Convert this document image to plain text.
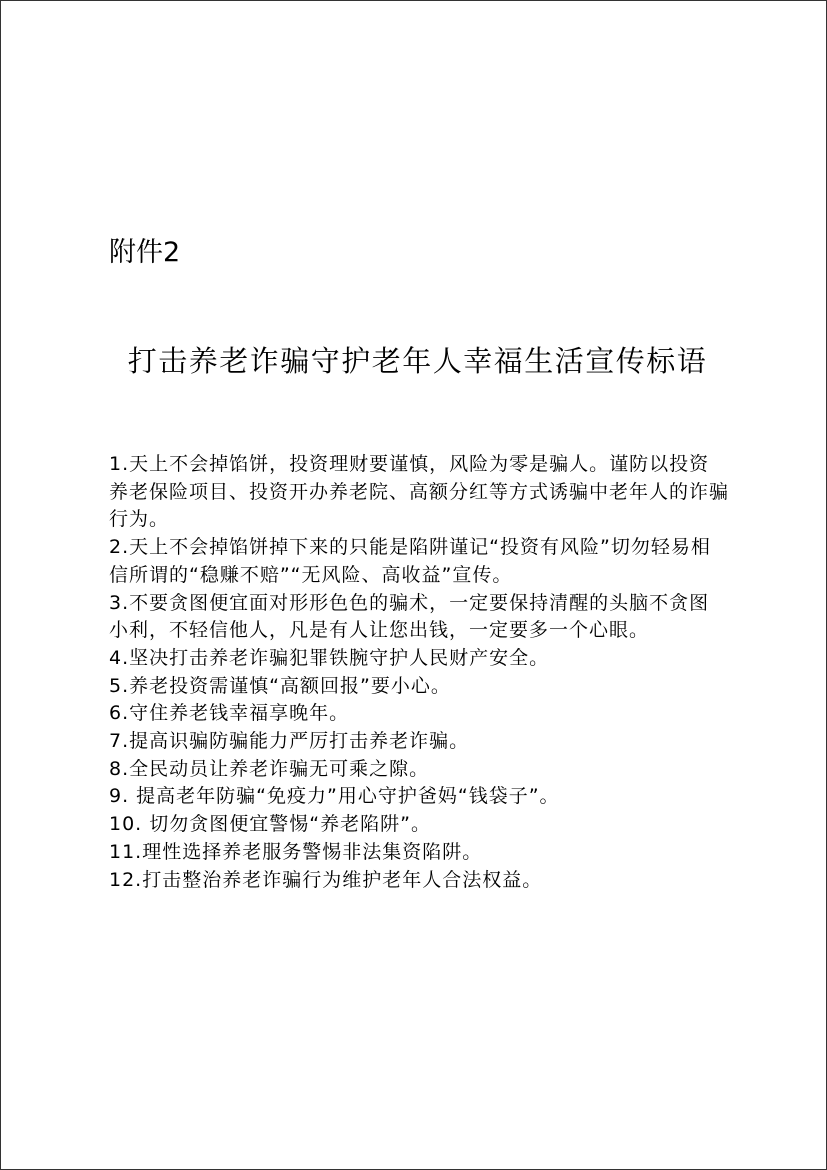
附件2
打击养老诈骗守护老年人幸福生活宣传标语
1.天上不会掉馅饼，投资理财要谨慎，风险为零是骗人。谨防以投资养老保险项目、投资开办养老院、高额分红等方式诱骗中老年人的诈骗行为。
2.天上不会掉馅饼掉下来的只能是陷阱谨记“投资有风险”切勿轻易相信所谓的“稳赚不赔”“无风险、高收益”宣传。
3.不要贪图便宜面对形形色色的骗术，一定要保持清醒的头脑不贪图小利，不轻信他人，凡是有人让您出钱，一定要多一个心眼。
4.坚决打击养老诈骗犯罪铁腕守护人民财产安全。
5.养老投资需谨慎“高额回报”要小心。
6.守住养老钱幸福享晚年。
7.提高识骗防骗能力严厉打击养老诈骗。
8.全民动员让养老诈骗无可乘之隙。
9. 提高老年防骗“免疫力”用心守护爸妈“钱袋子”。
10. 切勿贪图便宜警惕“养老陷阱”。
11.理性选择养老服务警惕非法集资陷阱。
12.打击整治养老诈骗行为维护老年人合法权益。
